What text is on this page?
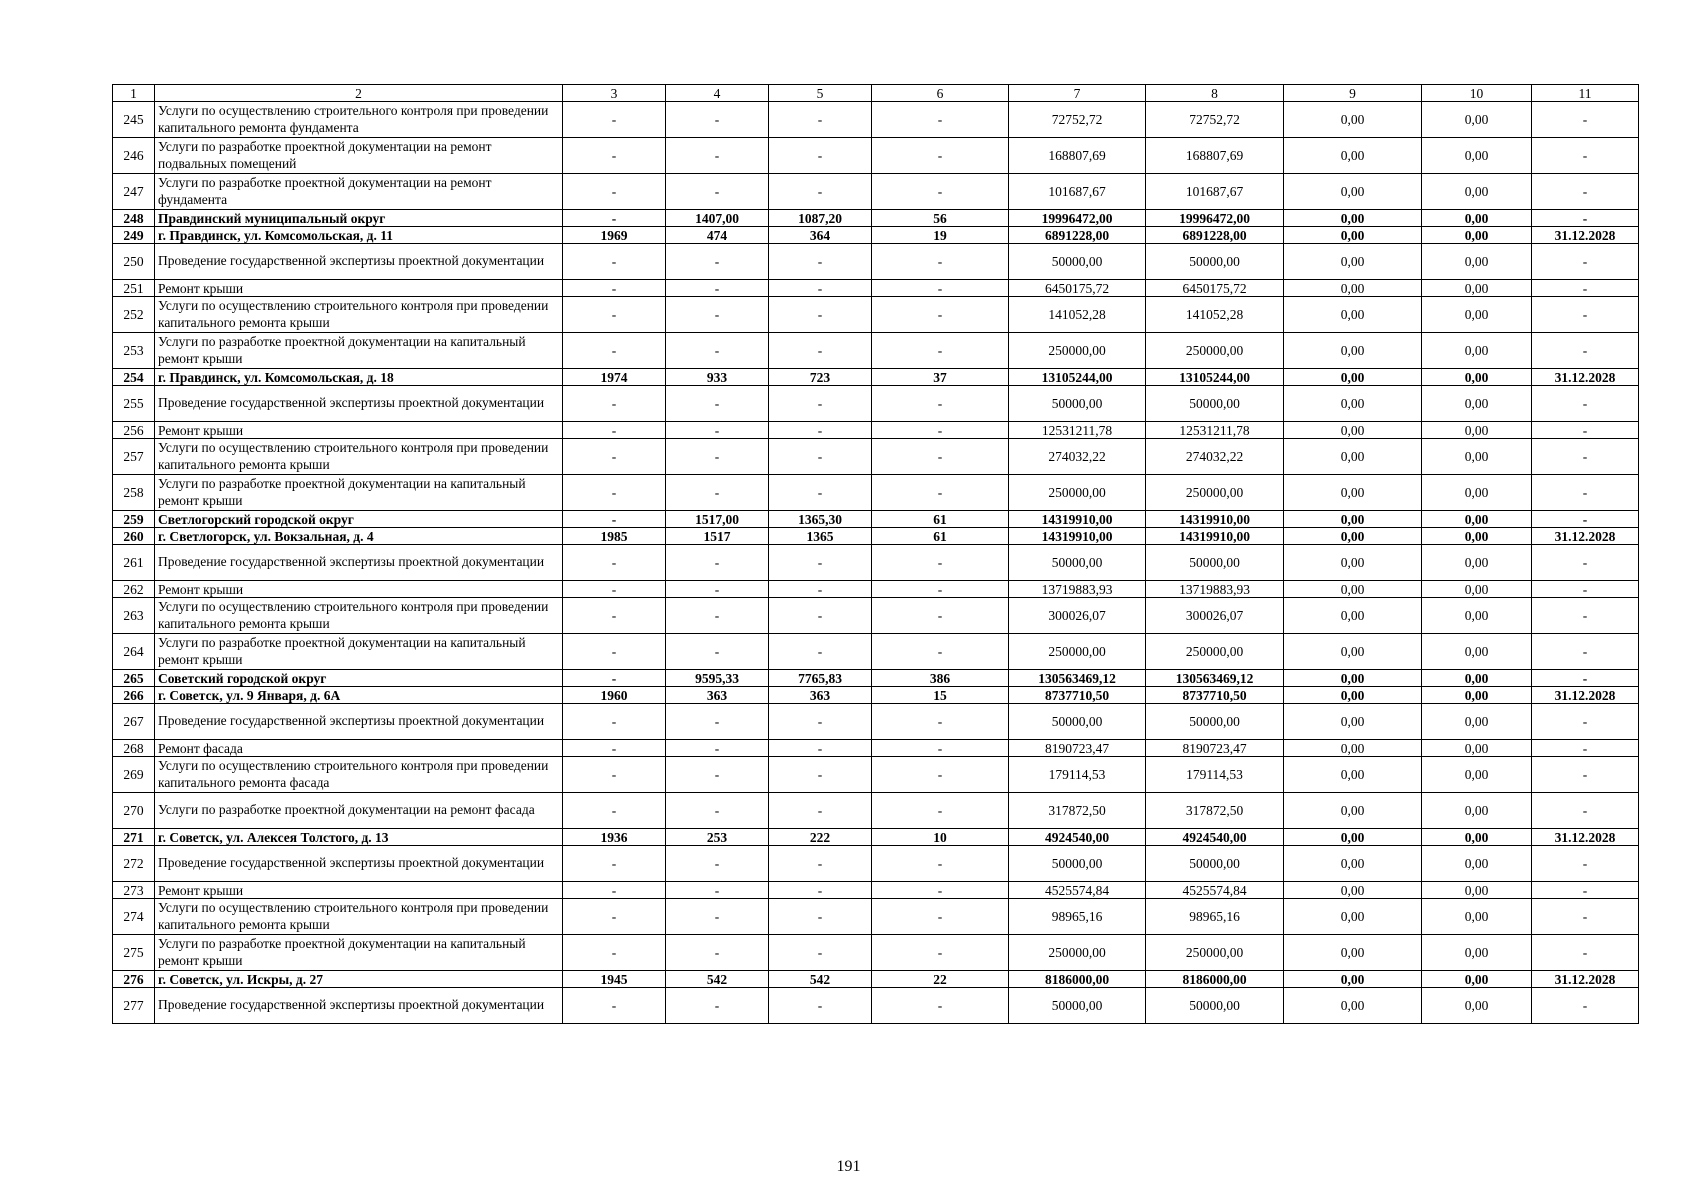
1	2	3	4	5	6	7	8	9	10	11
245	Услуги по осуществлению строительного контроля при проведении капитального ремонта фундамента	-	-	-	-	72752,72	72752,72	0,00	0,00	-
246	Услуги по разработке проектной документации на ремонт подвальных помещений	-	-	-	-	168807,69	168807,69	0,00	0,00	-
247	Услуги по разработке проектной документации на ремонт фундамента	-	-	-	-	101687,67	101687,67	0,00	0,00	-
248	Правдинский муниципальный округ	-	1407,00	1087,20	56	19996472,00	19996472,00	0,00	0,00	-
249	г. Правдинск, ул. Комсомольская, д. 11	1969	474	364	19	6891228,00	6891228,00	0,00	0,00	31.12.2028
250	Проведение государственной экспертизы проектной документации	-	-	-	-	50000,00	50000,00	0,00	0,00	-
251	Ремонт крыши	-	-	-	-	6450175,72	6450175,72	0,00	0,00	-
252	Услуги по осуществлению строительного контроля при проведении капитального ремонта крыши	-	-	-	-	141052,28	141052,28	0,00	0,00	-
253	Услуги по разработке проектной документации на капитальный ремонт крыши	-	-	-	-	250000,00	250000,00	0,00	0,00	-
254	г. Правдинск, ул. Комсомольская, д. 18	1974	933	723	37	13105244,00	13105244,00	0,00	0,00	31.12.2028
255	Проведение государственной экспертизы проектной документации	-	-	-	-	50000,00	50000,00	0,00	0,00	-
256	Ремонт крыши	-	-	-	-	12531211,78	12531211,78	0,00	0,00	-
257	Услуги по осуществлению строительного контроля при проведении капитального ремонта крыши	-	-	-	-	274032,22	274032,22	0,00	0,00	-
258	Услуги по разработке проектной документации на капитальный ремонт крыши	-	-	-	-	250000,00	250000,00	0,00	0,00	-
259	Светлогорский городской округ	-	1517,00	1365,30	61	14319910,00	14319910,00	0,00	0,00	-
260	г. Светлогорск, ул. Вокзальная, д. 4	1985	1517	1365	61	14319910,00	14319910,00	0,00	0,00	31.12.2028
261	Проведение государственной экспертизы проектной документации	-	-	-	-	50000,00	50000,00	0,00	0,00	-
262	Ремонт крыши	-	-	-	-	13719883,93	13719883,93	0,00	0,00	-
263	Услуги по осуществлению строительного контроля при проведении капитального ремонта крыши	-	-	-	-	300026,07	300026,07	0,00	0,00	-
264	Услуги по разработке проектной документации на капитальный ремонт крыши	-	-	-	-	250000,00	250000,00	0,00	0,00	-
265	Советский городской округ	-	9595,33	7765,83	386	130563469,12	130563469,12	0,00	0,00	-
266	г. Советск, ул. 9 Января, д. 6А	1960	363	363	15	8737710,50	8737710,50	0,00	0,00	31.12.2028
267	Проведение государственной экспертизы проектной документации	-	-	-	-	50000,00	50000,00	0,00	0,00	-
268	Ремонт фасада	-	-	-	-	8190723,47	8190723,47	0,00	0,00	-
269	Услуги по осуществлению строительного контроля при проведении капитального ремонта фасада	-	-	-	-	179114,53	179114,53	0,00	0,00	-
270	Услуги по разработке проектной документации на ремонт фасада	-	-	-	-	317872,50	317872,50	0,00	0,00	-
271	г. Советск, ул. Алексея Толстого, д. 13	1936	253	222	10	4924540,00	4924540,00	0,00	0,00	31.12.2028
272	Проведение государственной экспертизы проектной документации	-	-	-	-	50000,00	50000,00	0,00	0,00	-
273	Ремонт крыши	-	-	-	-	4525574,84	4525574,84	0,00	0,00	-
274	Услуги по осуществлению строительного контроля при проведении капитального ремонта крыши	-	-	-	-	98965,16	98965,16	0,00	0,00	-
275	Услуги по разработке проектной документации на капитальный ремонт крыши	-	-	-	-	250000,00	250000,00	0,00	0,00	-
276	г. Советск, ул. Искры, д. 27	1945	542	542	22	8186000,00	8186000,00	0,00	0,00	31.12.2028
277	Проведение государственной экспертизы проектной документации	-	-	-	-	50000,00	50000,00	0,00	0,00	-
191
